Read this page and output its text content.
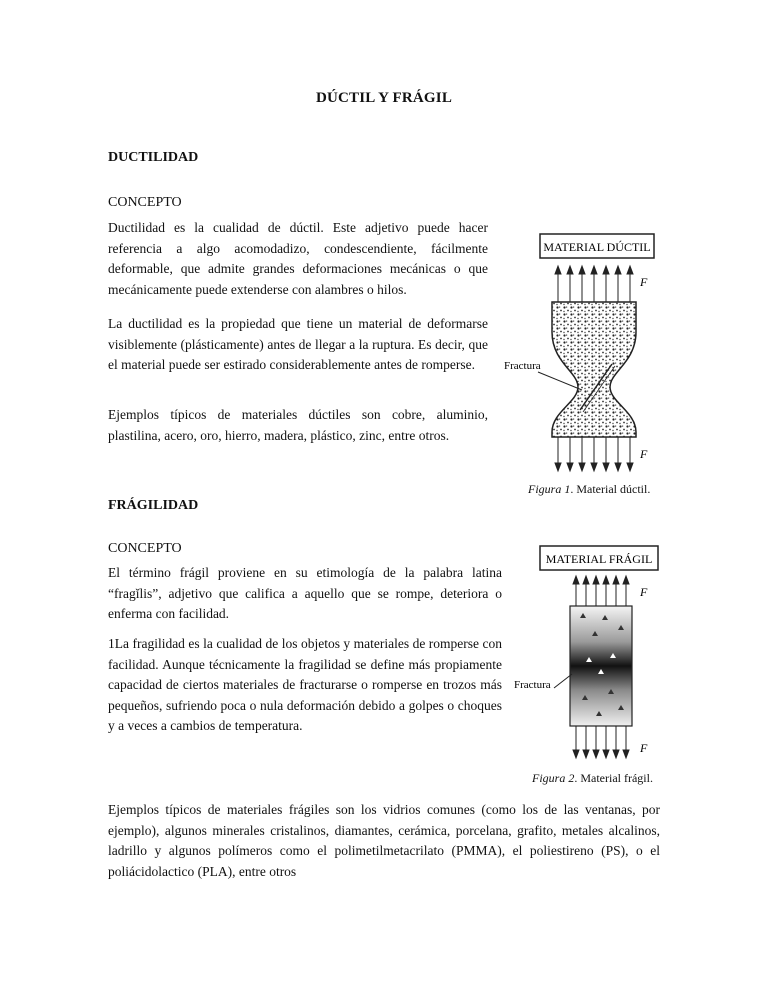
DÚCTIL Y FRÁGIL
DUCTILIDAD
CONCEPTO
Ductilidad es la cualidad de dúctil. Este adjetivo puede hacer referencia a algo acomodadizo, condescendiente, fácilmente deformable, que admite grandes deformaciones mecánicas o que mecánicamente puede extenderse con alambres o hilos.
La ductilidad es la propiedad que tiene un material de deformarse visiblemente (plásticamente) antes de llegar a la ruptura. Es decir, que el material puede ser estirado considerablemente antes de romperse.
Ejemplos típicos de materiales dúctiles son cobre, aluminio, plastilina, acero, oro, hierro, madera, plástico, zinc, entre otros.
MATERIAL DÚCTIL
F
Fractura
F
Figura 1. Material dúctil.
FRÁGILIDAD
CONCEPTO
El término frágil proviene en su etimología de la palabra latina “fragĭlis”, adjetivo que califica a aquello que se rompe, deteriora o enferma con facilidad.
1La fragilidad es la cualidad de los objetos y materiales de romperse con facilidad. Aunque técnicamente la fragilidad se define más propiamente capacidad de ciertos materiales de fracturarse o romperse en trozos más pequeños, sufriendo poca o nula deformación debido a golpes o choques y a veces a cambios de temperatura.
MATERIAL FRÁGIL
F
Fractura
F
Figura 2. Material frágil.
Ejemplos típicos de materiales frágiles son los vidrios comunes (como los de las ventanas, por ejemplo), algunos minerales cristalinos, diamantes, cerámica, porcelana, grafito, metales alcalinos, ladrillo y algunos polímeros como el polimetilmetacrilato (PMMA), el poliestireno (PS), o el poliácidolactico (PLA), entre otros
